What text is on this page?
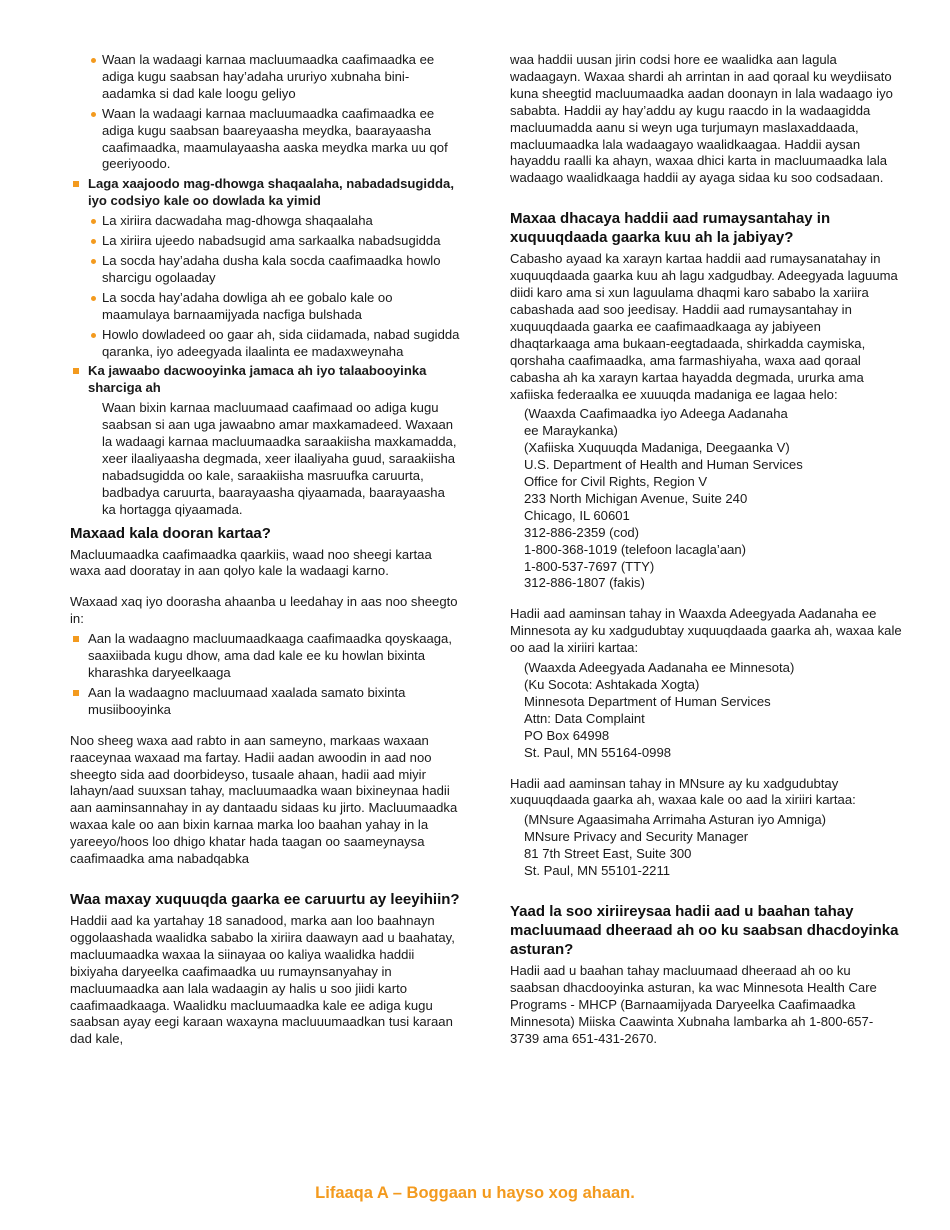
Waan la wadaagi karnaa macluumaadka caafimaadka ee adiga kugu saabsan hay’adaha ururiyo xubnaha bini-aadamka si dad kale loogu geliyo
Waan la wadaagi karnaa macluumaadka caafimaadka ee adiga kugu saabsan baareyaasha meydka, baarayaasha caafimaadka, maamulayaasha aaska meydka marka uu qof geeriyoodo.
Laga xaajoodo mag-dhowga shaqaalaha, nabadadsugidda, iyo codsiyo kale oo dowlada ka yimid
La xiriira dacwadaha mag-dhowga shaqaalaha
La xiriira ujeedo nabadsugid ama sarkaalka nabadsugidda
La socda hay’adaha dusha kala socda caafimaadka howlo sharcigu ogolaaday
La socda hay’adaha dowliga ah ee gobalo kale oo maamulaya barnaamijyada nacfiga bulshada
Howlo dowladeed oo gaar ah, sida ciidamada, nabad sugidda qaranka, iyo adeegyada ilaalinta ee madaxweynaha
Ka jawaabo dacwooyinka jamaca ah iyo talaabooyinka sharciga ah

Waan bixin karnaa macluumaad caafimaad oo adiga kugu saabsan si aan uga jawaabno amar maxkamadeed. Waxaan la wadaagi karnaa macluumaadka saraakiisha maxkamadda, xeer ilaaliyaasha degmada, xeer ilaaliyaha guud, saraakiisha nabadsugidda oo kale, saraakiisha masruufka caruurta, badbadya caruurta, baarayaasha qiyaamada, baarayaasha ka hortagga qiyaamada.

Maxaad kala dooran kartaa?

Macluumaadka caafimaadka qaarkiis, waad noo sheegi kartaa waxa aad dooratay in aan qolyo kale la wadaagi karno.

Waxaad xaq iyo doorasha ahaanba u leedahay in aas noo sheegto in:

Aan la wadaagno macluumaadkaaga caafimaadka qoyskaaga, saaxiibada kugu dhow, ama dad kale ee ku howlan bixinta kharashka daryeelkaaga
Aan la wadaagno macluumaad xaalada samato bixinta musiibooyinka

Noo sheeg waxa aad rabto in aan sameyno, markaas waxaan raaceynaa waxaad ma fartay. Hadii aadan awoodin in aad noo sheegto sida aad doorbideyso, tusaale ahaan, hadii aad miyir lahayn/aad suuxsan tahay, macluumaadka waan bixineynaa hadii aan aaminsannahay in ay dantaadu sidaas ku jirto. Macluumaadka waxaa kale oo aan bixin karnaa marka loo baahan yahay in la yareeyo/hoos loo dhigo khatar hada taagan oo saameynaysa caafimaadka ama nabadqabka

Waa maxay xuquuqda gaarka ee caruurtu ay leeyihiin?

Haddii aad ka yartahay 18 sanadood, marka aan loo baahnayn oggolaashada waalidka sababo la xiriira daawayn aad u baahatay, macluumaadka waxaa la siinayaa oo kaliya waalidka haddii bixiyaha daryeelka caafimaadka uu rumaynsanyahay in macluumaadka aan lala wadaagin ay halis u soo jiidi karto caafimaadkaaga. Waalidku macluumaadka kale ee adiga kugu saabsan ayay eegi karaan waxayna macluuumaadkan tusi karaan dad kale,

waa haddii uusan jirin codsi hore ee waalidka aan lagula wadaagayn. Waxaa shardi ah arrintan in aad qoraal ku weydiisato kuna sheegtid macluumaadka aadan doonayn in lala wadaago iyo sababta. Haddii ay hay’addu ay kugu raacdo in la wadaagidda macluumadda aanu si weyn uga turjumayn maslaxaddaada, macluumaadka lala wadaagayo waalidkaagaa. Haddii aysan hayaddu raalli ka ahayn, waxaa dhici karta in macluumaadka lala wadaago waalidkaaga haddii ay ayaga sidaa ku soo codsadaan.

Maxaa dhacaya haddii aad rumaysantahay in xuquuqdaada gaarka kuu ah la jabiyay?

Cabasho ayaad ka xarayn kartaa haddii aad rumaysanatahay in xuquuqdaada gaarka kuu ah lagu xadgudbay. Adeegyada laguuma diidi karo ama si xun laguulama dhaqmi karo sababo la xariira cabashada aad soo jeedisay. Haddii aad rumaysantahay in xuquuqdaada gaarka ee caafimaadkaaga ay jabiyeen dhaqtarkaaga ama bukaan-eegtadaada, shirkadda caymiska, qorshaha caafimaadka, ama farmashiyaha, waxa aad qoraal cabasha ah ka xarayn kartaa hayadda degmada, ururka ama xafiiska federaalka ee xuuuqda madaniga ee lagaa helo:

(Waaxda Caafimaadka iyo Adeega Aadanaha
ee Maraykanka)
(Xafiiska Xuquuqda Madaniga, Deegaanka V)
U.S. Department of Health and Human Services
Office for Civil Rights, Region V
233 North Michigan Avenue, Suite 240
Chicago, IL 60601
312-886-2359 (cod)
1-800-368-1019 (telefoon lacagla’aan)
1-800-537-7697 (TTY)
312-886-1807 (fakis)

Hadii aad aaminsan tahay in Waaxda Adeegyada Aadanaha ee Minnesota ay ku xadgudubtay xuquuqdaada gaarka ah, waxaa kale oo aad la xiriiri kartaa:

(Waaxda Adeegyada Aadanaha ee Minnesota)
(Ku Socota: Ashtakada Xogta)
Minnesota Department of Human Services
Attn: Data Complaint
PO Box 64998
St. Paul, MN 55164-0998

Hadii aad aaminsan tahay in MNsure ay ku xadgudubtay xuquuqdaada gaarka ah, waxaa kale oo aad la xiriiri kartaa:

(MNsure Agaasimaha Arrimaha Asturan iyo Amniga)
MNsure Privacy and Security Manager
81 7th Street East, Suite 300
St. Paul, MN 55101-2211
Yaad la soo xiriireysaa hadii aad u baahan tahay macluumaad dheeraad ah oo ku saabsan dhacdoyinka asturan?

Hadii aad u baahan tahay macluumaad dheeraad ah oo ku saabsan dhacdooyinka asturan, ka wac Minnesota Health Care Programs - MHCP (Barnaamijyada Daryeelka Caafimaadka Minnesota) Miiska Caawinta Xubnaha lambarka ah 1-800-657-3739 ama 651-431-2670.

Lifaaqa A – Boggaan u hayso xog ahaan.
